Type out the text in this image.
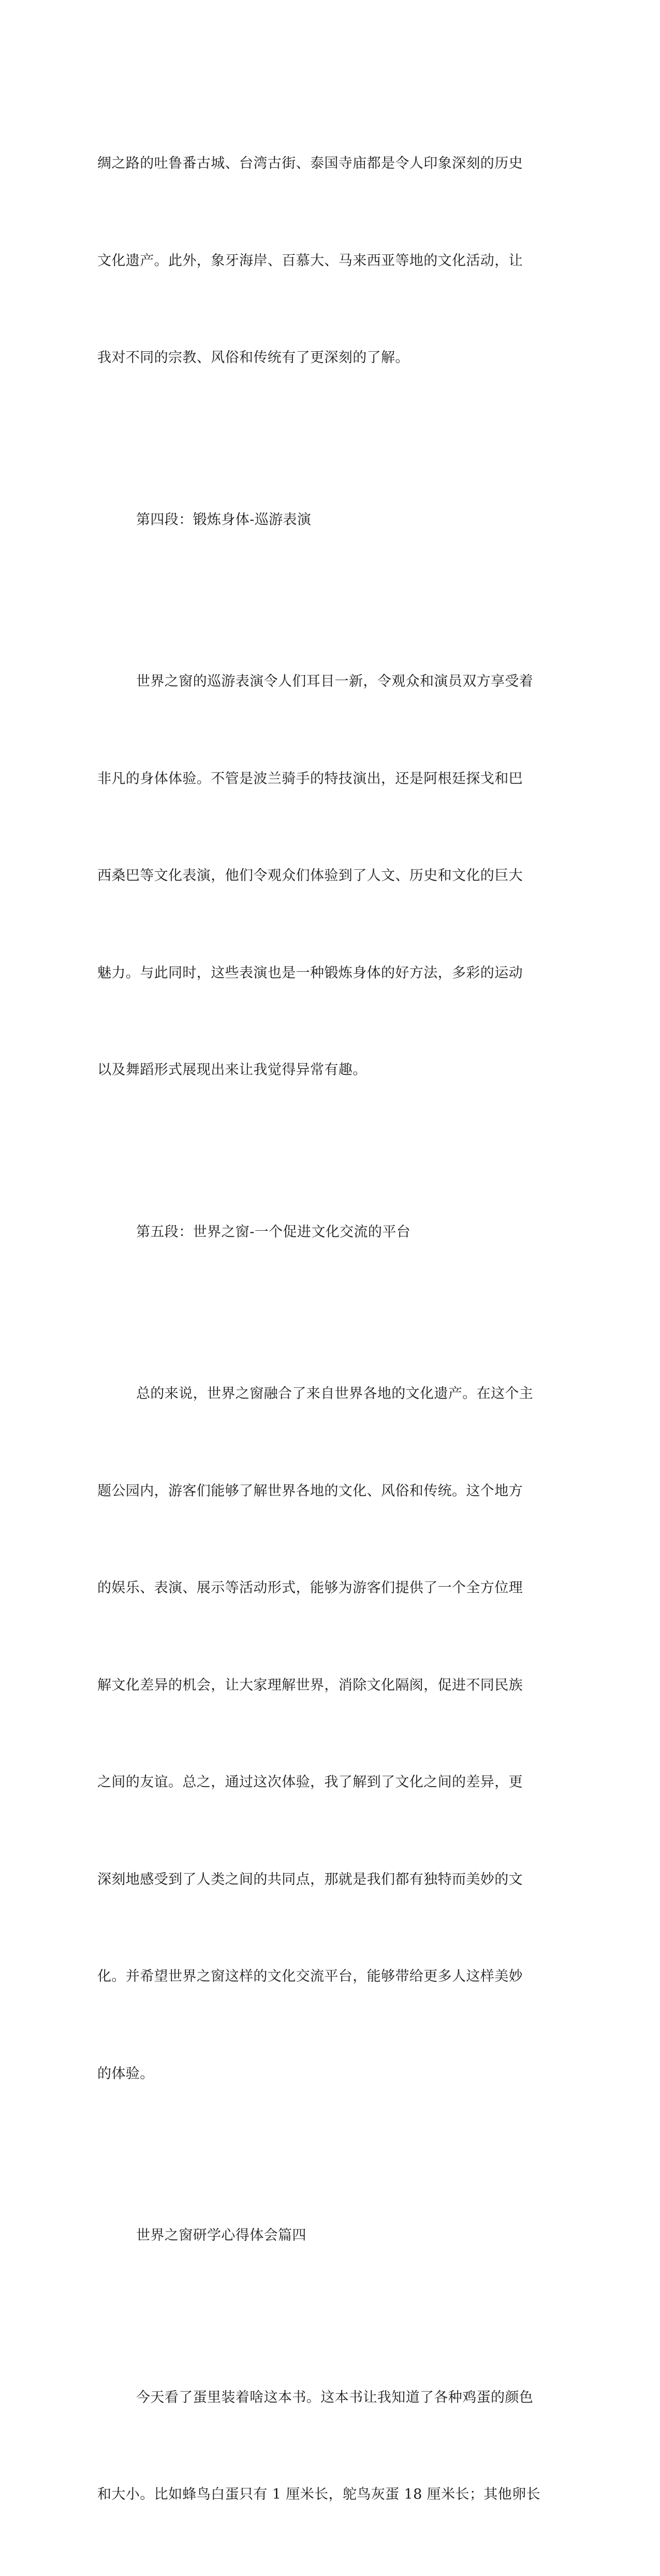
绸之路的吐鲁番古城、台湾古街、泰国寺庙都是令人印象深刻的历史

文化遗产。此外，象牙海岸、百慕大、马来西亚等地的文化活动，让

我对不同的宗教、风俗和传统有了更深刻的了解。

第四段：锻炼身体-巡游表演

世界之窗的巡游表演令人们耳目一新，令观众和演员双方享受着

非凡的身体体验。不管是波兰骑手的特技演出，还是阿根廷探戈和巴

西桑巴等文化表演，他们令观众们体验到了人文、历史和文化的巨大

魅力。与此同时，这些表演也是一种锻炼身体的好方法，多彩的运动

以及舞蹈形式展现出来让我觉得异常有趣。

第五段：世界之窗-一个促进文化交流的平台

总的来说，世界之窗融合了来自世界各地的文化遗产。在这个主

题公园内，游客们能够了解世界各地的文化、风俗和传统。这个地方

的娱乐、表演、展示等活动形式，能够为游客们提供了一个全方位理

解文化差异的机会，让大家理解世界，消除文化隔阂，促进不同民族

之间的友谊。总之，通过这次体验，我了解到了文化之间的差异，更

深刻地感受到了人类之间的共同点，那就是我们都有独特而美妙的文

化。并希望世界之窗这样的文化交流平台，能够带给更多人这样美妙

的体验。

世界之窗研学心得体会篇四

今天看了蛋里装着啥这本书。这本书让我知道了各种鸡蛋的颜色

和大小。比如蜂鸟白蛋只有 1 厘米长，鸵鸟灰蛋 18 厘米长；其他卵长
